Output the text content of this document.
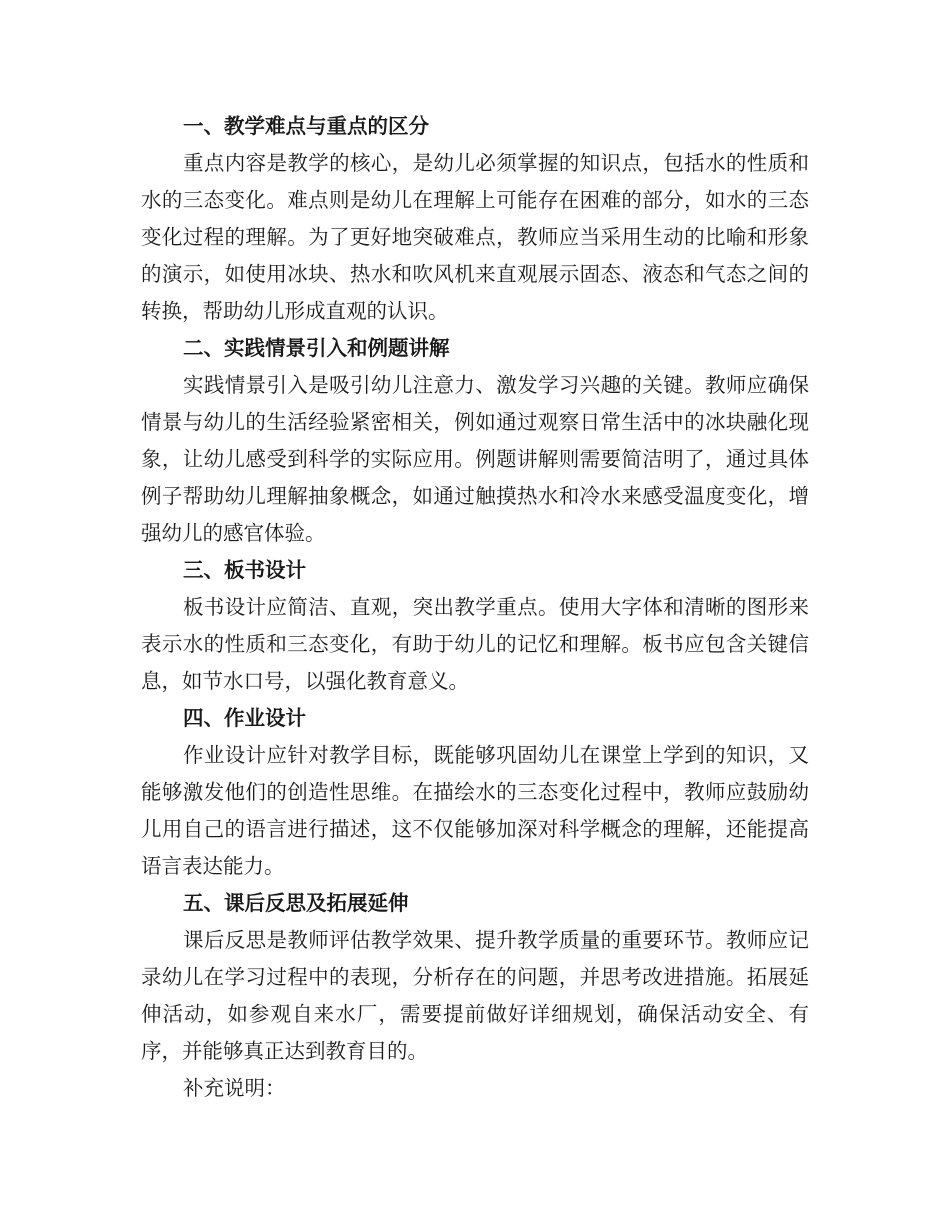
一、教学难点与重点的区分

重点内容是教学的核心，是幼儿必须掌握的知识点，包括水的性质和水的三态变化。难点则是幼儿在理解上可能存在困难的部分，如水的三态变化过程的理解。为了更好地突破难点，教师应当采用生动的比喻和形象的演示，如使用冰块、热水和吹风机来直观展示固态、液态和气态之间的转换，帮助幼儿形成直观的认识。

二、实践情景引入和例题讲解

实践情景引入是吸引幼儿注意力、激发学习兴趣的关键。教师应确保情景与幼儿的生活经验紧密相关，例如通过观察日常生活中的冰块融化现象，让幼儿感受到科学的实际应用。例题讲解则需要简洁明了，通过具体例子帮助幼儿理解抽象概念，如通过触摸热水和冷水来感受温度变化，增强幼儿的感官体验。

三、板书设计

板书设计应简洁、直观，突出教学重点。使用大字体和清晰的图形来表示水的性质和三态变化，有助于幼儿的记忆和理解。板书应包含关键信息，如节水口号，以强化教育意义。

四、作业设计

作业设计应针对教学目标，既能够巩固幼儿在课堂上学到的知识，又能够激发他们的创造性思维。在描绘水的三态变化过程中，教师应鼓励幼儿用自己的语言进行描述，这不仅能够加深对科学概念的理解，还能提高语言表达能力。

五、课后反思及拓展延伸

课后反思是教师评估教学效果、提升教学质量的重要环节。教师应记录幼儿在学习过程中的表现，分析存在的问题，并思考改进措施。拓展延伸活动，如参观自来水厂，需要提前做好详细规划，确保活动安全、有序，并能够真正达到教育目的。

补充说明：
